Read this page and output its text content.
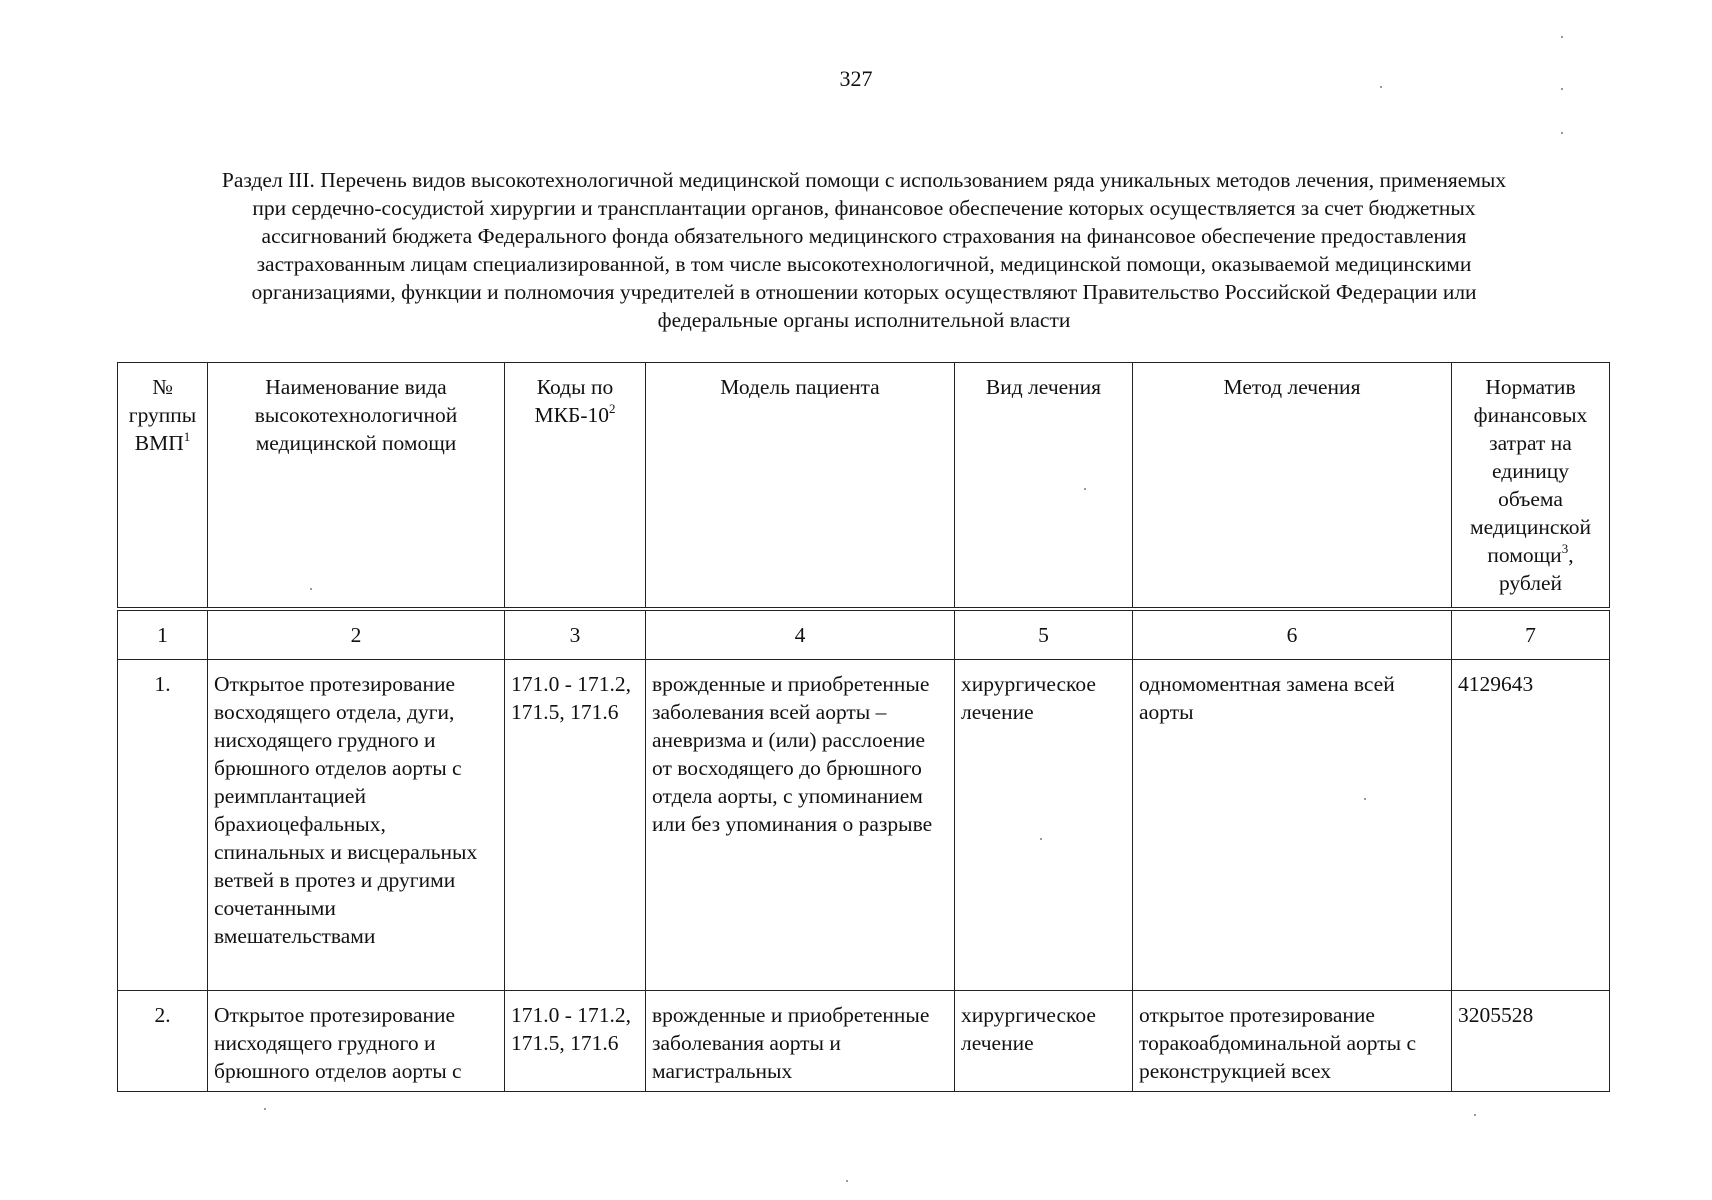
327
Раздел III. Перечень видов высокотехнологичной медицинской помощи с использованием ряда уникальных методов лечения, применяемых
при сердечно-сосудистой хирургии и трансплантации органов, финансовое обеспечение которых осуществляется за счет бюджетных
ассигнований бюджета Федерального фонда обязательного медицинского страхования на финансовое обеспечение предоставления
застрахованным лицам специализированной, в том числе высокотехнологичной, медицинской помощи, оказываемой медицинскими
организациями, функции и полномочия учредителей в отношении которых осуществляют Правительство Российской Федерации или
федеральные органы исполнительной власти
№ группы ВМП$^1$	Наименование вида высокотехнологичной медицинской помощи	Коды по МКБ-$10^2$	Модель пациента	Вид лечения	Метод лечения	Норматив финансовых затрат на единицу объема медицинской помощи$^3$, рублей
1	2	3	4	5	6	7
1.	Открытое протезирование восходящего отдела, дуги, нисходящего грудного и брюшного отделов аорты с реимплантацией брахиоцефальных, спинальных и висцеральных ветвей в протез и другими сочетанными вмешательствами	171.0 - 171.2, 171.5, 171.6	врожденные и приобретенные заболевания всей аорты – аневризма и (или) расслоение от восходящего до брюшного отдела аорты, с упоминанием или без упоминания о разрыве	хирургическое лечение	одномоментная замена всей аорты	4129643
2.	Открытое протезирование нисходящего грудного и брюшного отделов аорты с	171.0 - 171.2, 171.5, 171.6	врожденные и приобретенные заболевания аорты и магистральных	хирургическое лечение	открытое протезирование торакоабдоминальной аорты с реконструкцией всех	3205528
